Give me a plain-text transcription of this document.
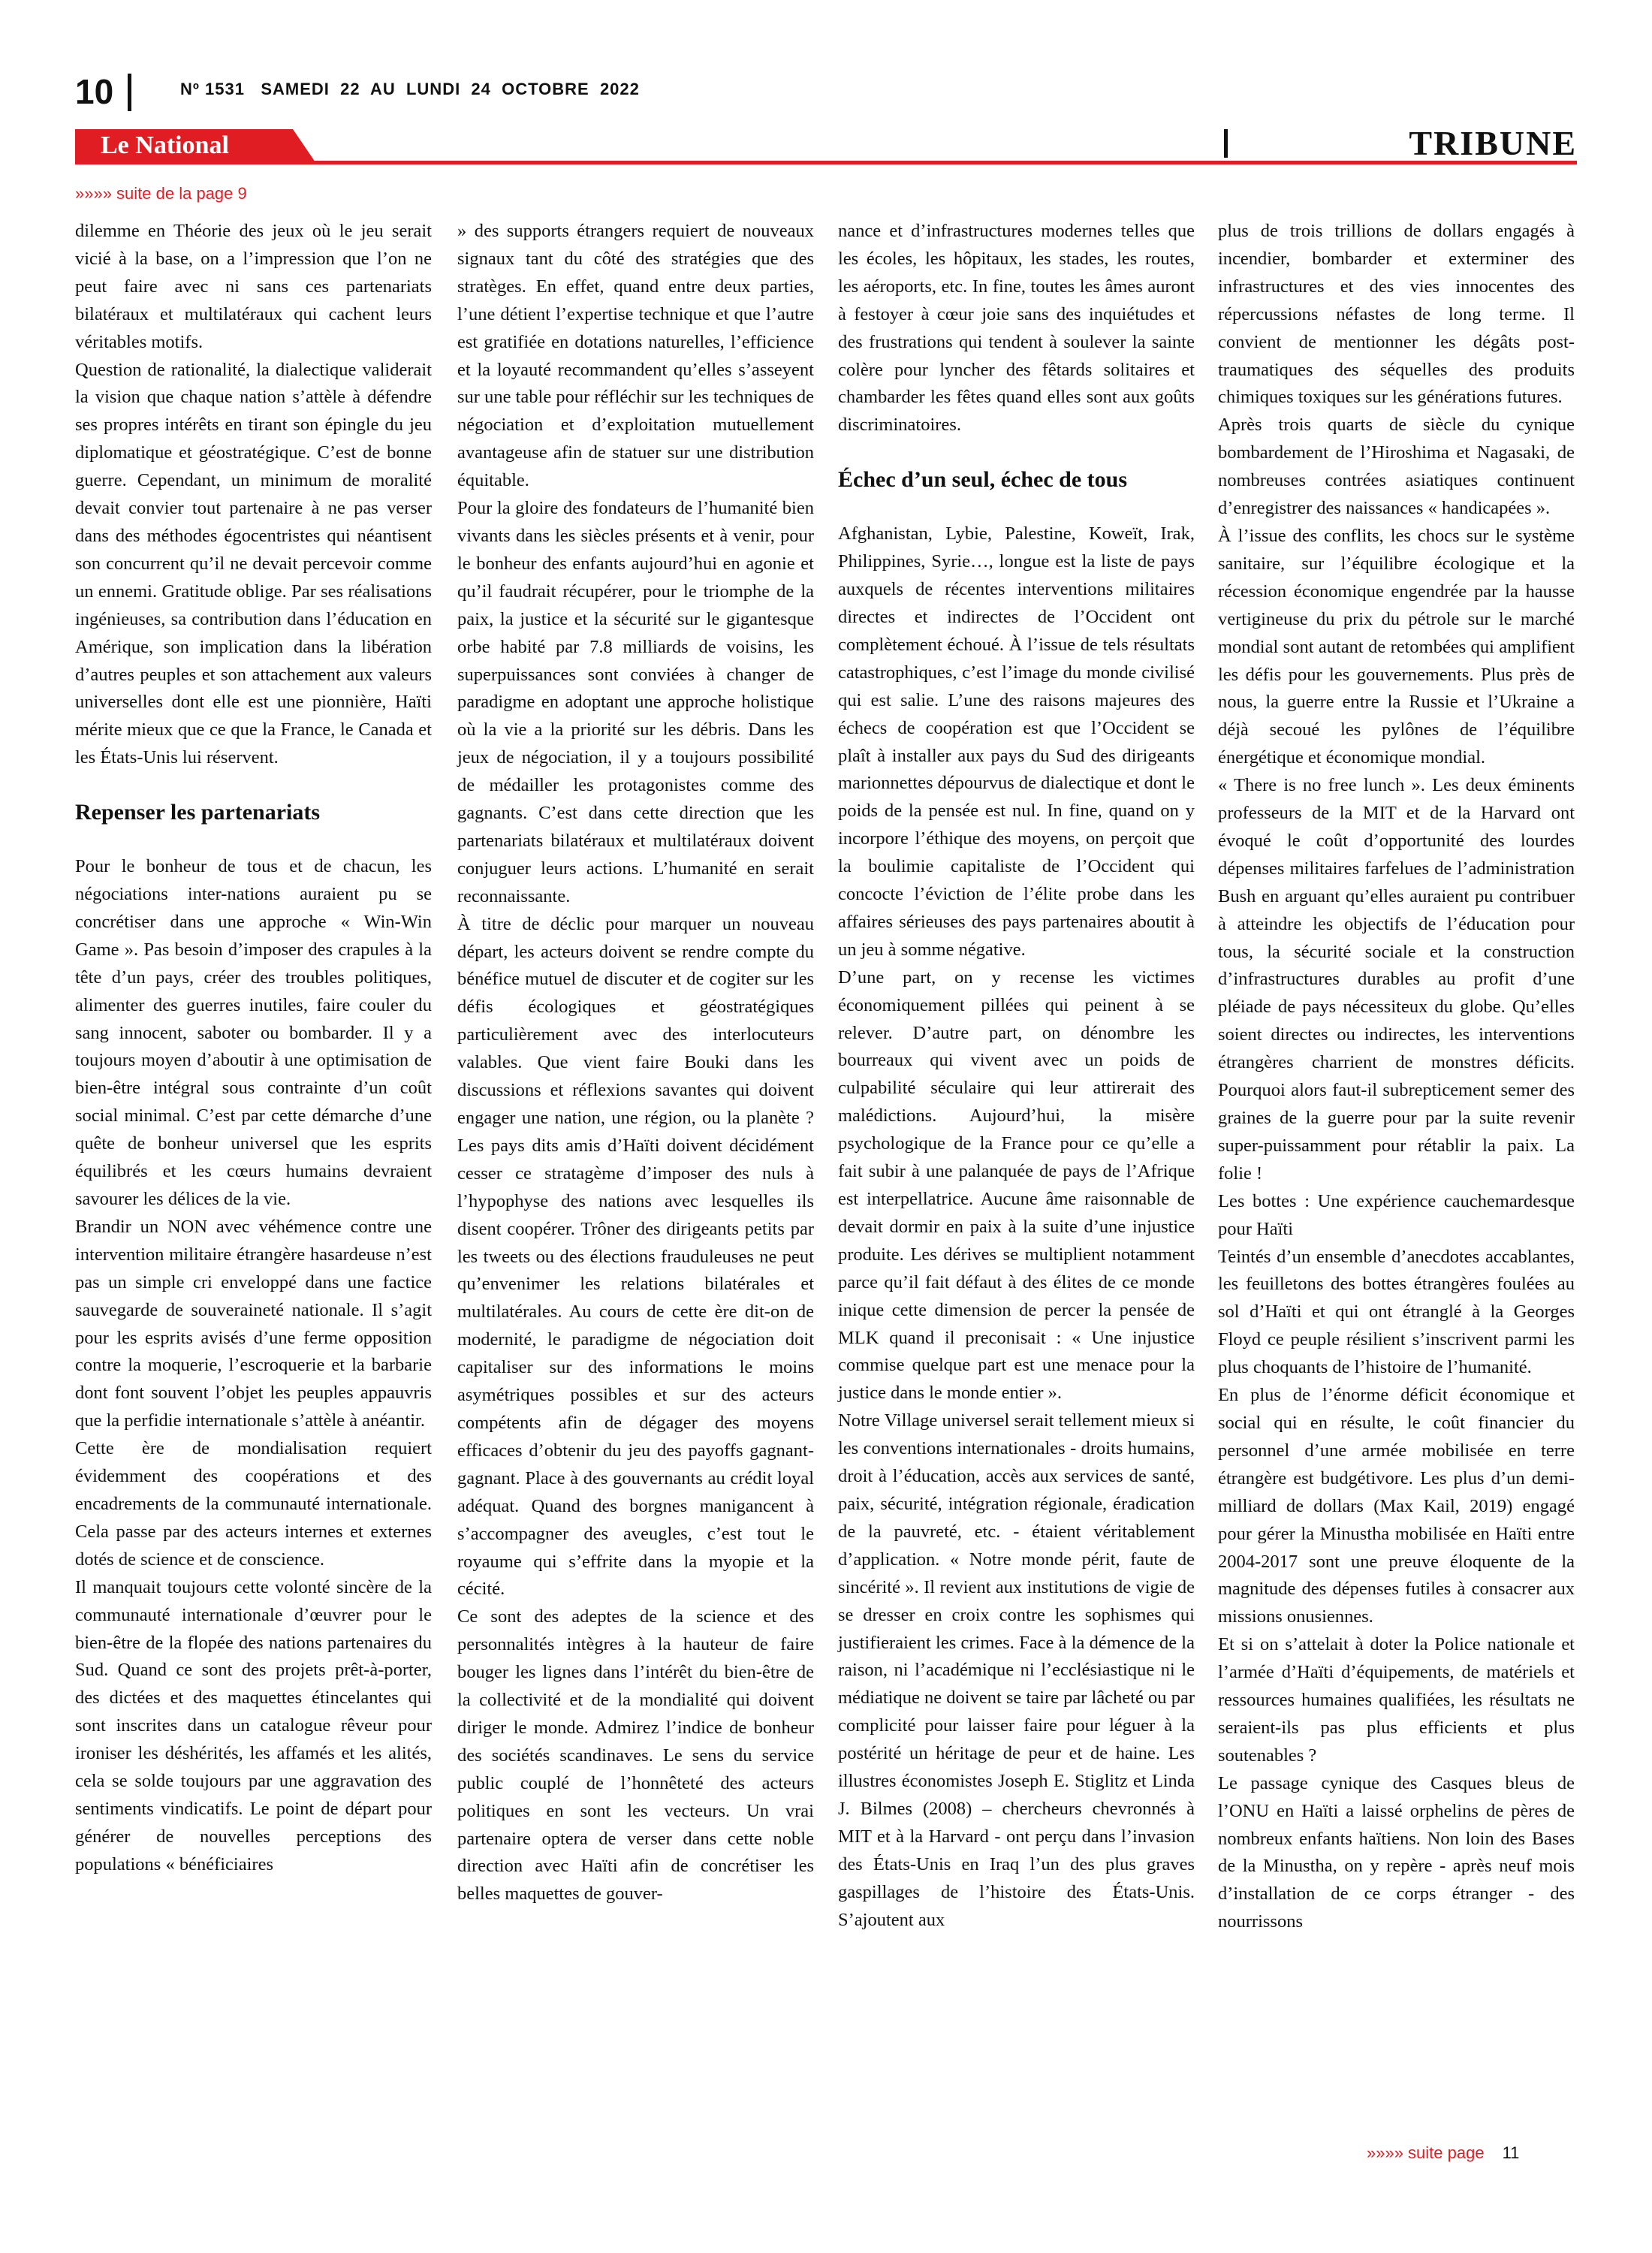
10	Nº 1531   SAMEDI  22  AU  LUNDI  24  OCTOBRE  2022
Le National	TRIBUNE
»»»» suite de la page 9

dilemme en Théorie des jeux où le jeu serait vicié à la base, on a l’impression que l’on ne peut faire avec ni sans ces partenariats bilatéraux et multilatéraux qui cachent leurs véritables motifs.

Question de rationalité, la dialectique validerait la vision que chaque nation s’attèle à défendre ses propres intérêts en tirant son épingle du jeu diplomatique et géostratégique. C’est de bonne guerre. Cependant, un minimum de moralité devait convier tout partenaire à ne pas verser dans des méthodes égocentristes qui néantisent son concurrent qu’il ne devait percevoir comme un ennemi. Gratitude oblige. Par ses réalisations ingénieuses, sa contribution dans l’éducation en Amérique, son implication dans la libération d’autres peuples et son attachement aux valeurs universelles dont elle est une pionnière, Haïti mérite mieux que ce que la France, le Canada et les États-Unis lui réservent.

Repenser les partenariats

Pour le bonheur de tous et de chacun, les négociations inter-nations auraient pu se concrétiser dans une approche « Win-Win Game ». Pas besoin d’imposer des crapules à la tête d’un pays, créer des troubles politiques, alimenter des guerres inutiles, faire couler du sang innocent, saboter ou bombarder. Il y a toujours moyen d’aboutir à une optimisation de bien-être intégral sous contrainte d’un coût social minimal. C’est par cette démarche d’une quête de bonheur universel que les esprits équilibrés et les cœurs humains devraient savourer les délices de la vie.

Brandir un NON avec véhémence contre une intervention militaire étrangère hasardeuse n’est pas un simple cri enveloppé dans une factice sauvegarde de souveraineté nationale. Il s’agit pour les esprits avisés d’une ferme opposition contre la moquerie, l’escroquerie et la barbarie dont font souvent l’objet les peuples appauvris que la perfidie internationale s’attèle à anéantir.

Cette ère de mondialisation requiert évidemment des coopérations et des encadrements de la communauté internationale. Cela passe par des acteurs internes et externes dotés de science et de conscience.

Il manquait toujours cette volonté sincère de la communauté internationale d’œuvrer pour le bien-être de la flopée des nations partenaires du Sud. Quand ce sont des projets prêt-à-porter, des dictées et des maquettes étincelantes qui sont inscrites dans un catalogue rêveur pour ironiser les déshérités, les affamés et les alités, cela se solde toujours par une aggravation des sentiments vindicatifs. Le point de départ pour générer de nouvelles perceptions des populations « bénéficiaires

» des supports étrangers requiert de nouveaux signaux tant du côté des stratégies que des stratèges. En effet, quand entre deux parties, l’une détient l’expertise technique et que l’autre est gratifiée en dotations naturelles, l’efficience et la loyauté recommandent qu’elles s’asseyent sur une table pour réfléchir sur les techniques de négociation et d’exploitation mutuellement avantageuse afin de statuer sur une distribution équitable.

Pour la gloire des fondateurs de l’humanité bien vivants dans les siècles présents et à venir, pour le bonheur des enfants aujourd’hui en agonie et qu’il faudrait récupérer, pour le triomphe de la paix, la justice et la sécurité sur le gigantesque orbe habité par 7.8 milliards de voisins, les superpuissances sont conviées à changer de paradigme en adoptant une approche holistique où la vie a la priorité sur les débris. Dans les jeux de négociation, il y a toujours possibilité de médailler les protagonistes comme des gagnants. C’est dans cette direction que les partenariats bilatéraux et multilatéraux doivent conjuguer leurs actions. L’humanité en serait reconnaissante.

À titre de déclic pour marquer un nouveau départ, les acteurs doivent se rendre compte du bénéfice mutuel de discuter et de cogiter sur les défis écologiques et géostratégiques particulièrement avec des interlocuteurs valables. Que vient faire Bouki dans les discussions et réflexions savantes qui doivent engager une nation, une région, ou la planète ? Les pays dits amis d’Haïti doivent décidément cesser ce stratagème d’imposer des nuls à l’hypophyse des nations avec lesquelles ils disent coopérer. Trôner des dirigeants petits par les tweets ou des élections frauduleuses ne peut qu’envenimer les relations bilatérales et multilatérales. Au cours de cette ère dit-on de modernité, le paradigme de négociation doit capitaliser sur des informations le moins asymétriques possibles et sur des acteurs compétents afin de dégager des moyens efficaces d’obtenir du jeu des payoffs gagnant-gagnant. Place à des gouvernants au crédit loyal adéquat. Quand des borgnes manigancent à s’accompagner des aveugles, c’est tout le royaume qui s’effrite dans la myopie et la cécité.

Ce sont des adeptes de la science et des personnalités intègres à la hauteur de faire bouger les lignes dans l’intérêt du bien-être de la collectivité et de la mondialité qui doivent diriger le monde. Admirez l’indice de bonheur des sociétés scandinaves. Le sens du service public couplé de l’honnêteté des acteurs politiques en sont les vecteurs. Un vrai partenaire optera de verser dans cette noble direction avec Haïti afin de concrétiser les belles maquettes de gouver-

nance et d’infrastructures modernes telles que les écoles, les hôpitaux, les stades, les routes, les aéroports, etc. In fine, toutes les âmes auront à festoyer à cœur joie sans des inquiétudes et des frustrations qui tendent à soulever la sainte colère pour lyncher des fêtards solitaires et chambarder les fêtes quand elles sont aux goûts discriminatoires.

Échec d’un seul, échec de tous

Afghanistan, Lybie, Palestine, Koweït, Irak, Philippines, Syrie…, longue est la liste de pays auxquels de récentes interventions militaires directes et indirectes de l’Occident ont complètement échoué. À l’issue de tels résultats catastrophiques, c’est l’image du monde civilisé qui est salie. L’une des raisons majeures des échecs de coopération est que l’Occident se plaît à installer aux pays du Sud des dirigeants marionnettes dépourvus de dialectique et dont le poids de la pensée est nul. In fine, quand on y incorpore l’éthique des moyens, on perçoit que la boulimie capitaliste de l’Occident qui concocte l’éviction de l’élite probe dans les affaires sérieuses des pays partenaires aboutit à un jeu à somme négative.

D’une part, on y recense les victimes économiquement pillées qui peinent à se relever. D’autre part, on dénombre les bourreaux qui vivent avec un poids de culpabilité séculaire qui leur attirerait des malédictions. Aujourd’hui, la misère psychologique de la France pour ce qu’elle a fait subir à une palanquée de pays de l’Afrique est interpellatrice. Aucune âme raisonnable de devait dormir en paix à la suite d’une injustice produite. Les dérives se multiplient notamment parce qu’il fait défaut à des élites de ce monde inique cette dimension de percer la pensée de MLK quand il preconisait : « Une injustice commise quelque part est une menace pour la justice dans le monde entier ».

Notre Village universel serait tellement mieux si les conventions internationales - droits humains, droit à l’éducation, accès aux services de santé, paix, sécurité, intégration régionale, éradication de la pauvreté, etc. - étaient véritablement d’application. « Notre monde périt, faute de sincérité ». Il revient aux institutions de vigie de se dresser en croix contre les sophismes qui justifieraient les crimes. Face à la démence de la raison, ni l’académique ni l’ecclésiastique ni le médiatique ne doivent se taire par lâcheté ou par complicité pour laisser faire pour léguer à la postérité un héritage de peur et de haine. Les illustres économistes Joseph E. Stiglitz et Linda J. Bilmes (2008) – chercheurs chevronnés à MIT et à la Harvard - ont perçu dans l’invasion des États-Unis en Iraq l’un des plus graves gaspillages de l’histoire des États-Unis. S’ajoutent aux

plus de trois trillions de dollars engagés à incendier, bombarder et exterminer des infrastructures et des vies innocentes des répercussions néfastes de long terme. Il convient de mentionner les dégâts post-traumatiques des séquelles des produits chimiques toxiques sur les générations futures.

Après trois quarts de siècle du cynique bombardement de l’Hiroshima et Nagasaki, de nombreuses contrées asiatiques continuent d’enregistrer des naissances « handicapées ».

À l’issue des conflits, les chocs sur le système sanitaire, sur l’équilibre écologique et la récession économique engendrée par la hausse vertigineuse du prix du pétrole sur le marché mondial sont autant de retombées qui amplifient les défis pour les gouvernements. Plus près de nous, la guerre entre la Russie et l’Ukraine a déjà secoué les pylônes de l’équilibre énergétique et économique mondial.

« There is no free lunch ». Les deux éminents professeurs de la MIT et de la Harvard ont évoqué le coût d’opportunité des lourdes dépenses militaires farfelues de l’administration Bush en arguant qu’elles auraient pu contribuer à atteindre les objectifs de l’éducation pour tous, la sécurité sociale et la construction d’infrastructures durables au profit d’une pléiade de pays nécessiteux du globe. Qu’elles soient directes ou indirectes, les interventions étrangères charrient de monstres déficits. Pourquoi alors faut-il subrepticement semer des graines de la guerre pour par la suite revenir super-puissamment pour rétablir la paix. La folie !

Les bottes : Une expérience cauchemardesque pour Haïti

Teintés d’un ensemble d’anecdotes accablantes, les feuilletons des bottes étrangères foulées au sol d’Haïti et qui ont étranglé à la Georges Floyd ce peuple résilient s’inscrivent parmi les plus choquants de l’histoire de l’humanité.

En plus de l’énorme déficit économique et social qui en résulte, le coût financier du personnel d’une armée mobilisée en terre étrangère est budgétivore. Les plus d’un demi-milliard de dollars (Max Kail, 2019) engagé pour gérer la Minustha mobilisée en Haïti entre 2004-2017 sont une preuve éloquente de la magnitude des dépenses futiles à consacrer aux missions onusiennes.

Et si on s’attelait à doter la Police nationale et l’armée d’Haïti d’équipements, de matériels et ressources humaines qualifiées, les résultats ne seraient-ils pas plus efficients et plus soutenables ?

Le passage cynique des Casques bleus de l’ONU en Haïti a laissé orphelins de pères de nombreux enfants haïtiens. Non loin des Bases de la Minustha, on y repère - après neuf mois d’installation de ce corps étranger - des nourrissons

»»»» suite page 11
